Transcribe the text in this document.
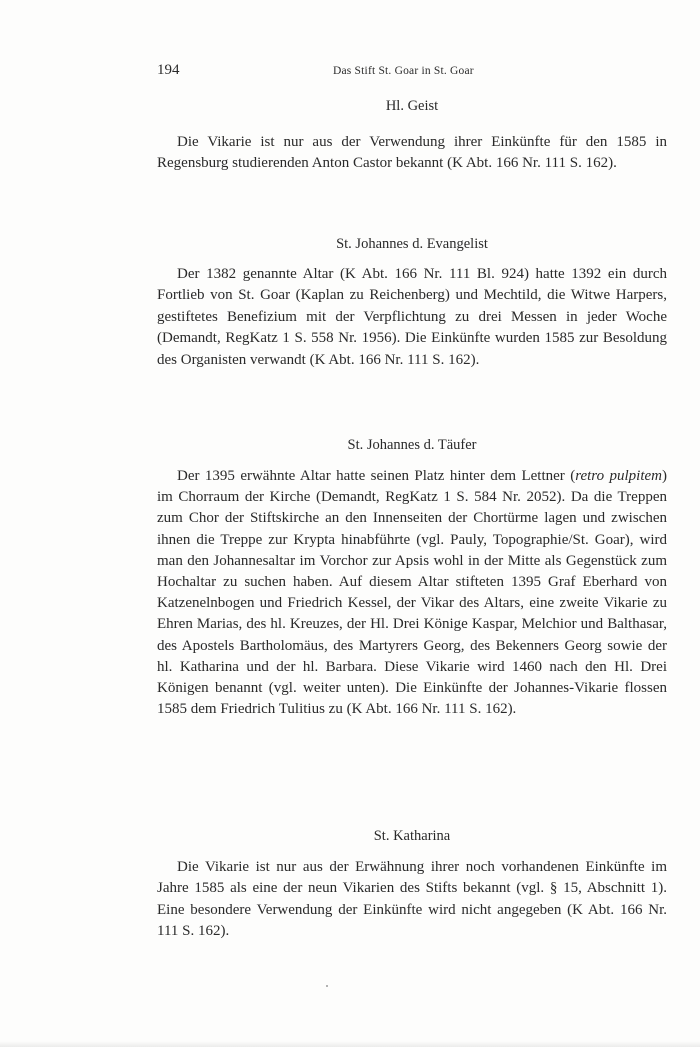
194	Das Stift St. Goar in St. Goar
Hl. Geist

Die Vikarie ist nur aus der Verwendung ihrer Einkünfte für den 1585 in Regensburg studierenden Anton Castor bekannt (K Abt. 166 Nr. 111 S. 162).

St. Johannes d. Evangelist

Der 1382 genannte Altar (K Abt. 166 Nr. 111 Bl. 924) hatte 1392 ein durch Fortlieb von St. Goar (Kaplan zu Reichenberg) und Mechtild, die Witwe Harpers, gestiftetes Benefizium mit der Verpflichtung zu drei Messen in jeder Woche (Demandt, RegKatz 1 S. 558 Nr. 1956). Die Einkünfte wurden 1585 zur Besoldung des Organisten verwandt (K Abt. 166 Nr. 111 S. 162).

St. Johannes d. Täufer

Der 1395 erwähnte Altar hatte seinen Platz hinter dem Lettner (retro pulpitem) im Chorraum der Kirche (Demandt, RegKatz 1 S. 584 Nr. 2052). Da die Treppen zum Chor der Stiftskirche an den Innenseiten der Chortürme lagen und zwischen ihnen die Treppe zur Krypta hinabführte (vgl. Pauly, Topographie/St. Goar), wird man den Johannesaltar im Vorchor zur Apsis wohl in der Mitte als Gegenstück zum Hochaltar zu suchen haben. Auf diesem Altar stifteten 1395 Graf Eberhard von Katzenelnbogen und Friedrich Kessel, der Vikar des Altars, eine zweite Vikarie zu Ehren Marias, des hl. Kreuzes, der Hl. Drei Könige Kaspar, Melchior und Balthasar, des Apostels Bartholomäus, des Martyrers Georg, des Bekenners Georg sowie der hl. Katharina und der hl. Barbara. Diese Vikarie wird 1460 nach den Hl. Drei Königen benannt (vgl. weiter unten). Die Einkünfte der Johannes-Vikarie flossen 1585 dem Friedrich Tulitius zu (K Abt. 166 Nr. 111 S. 162).

St. Katharina

Die Vikarie ist nur aus der Erwähnung ihrer noch vorhandenen Einkünfte im Jahre 1585 als eine der neun Vikarien des Stifts bekannt (vgl. § 15, Abschnitt 1). Eine besondere Verwendung der Einkünfte wird nicht angegeben (K Abt. 166 Nr. 111 S. 162).
